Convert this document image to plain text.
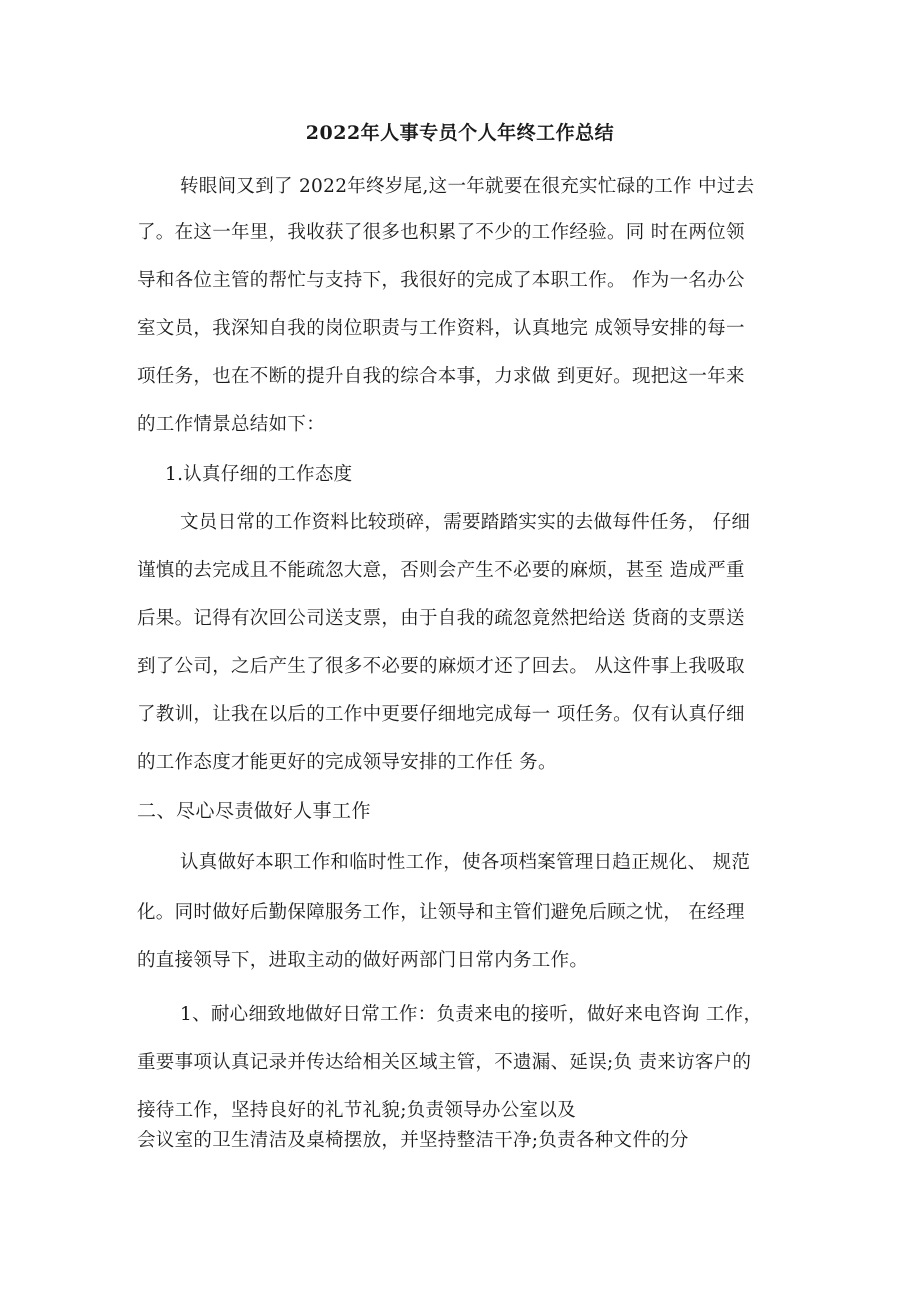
2022年人事专员个人年终工作总结
转眼间又到了 2022年终岁尾,这一年就要在很充实忙碌的工作 中过去
了。在这一年里，我收获了很多也积累了不少的工作经验。同 时在两位领
导和各位主管的帮忙与支持下，我很好的完成了本职工作。 作为一名办公
室文员，我深知自我的岗位职责与工作资料，认真地完 成领导安排的每一
项任务，也在不断的提升自我的综合本事，力求做 到更好。现把这一年来
的工作情景总结如下：
1.认真仔细的工作态度
文员日常的工作资料比较琐碎，需要踏踏实实的去做每件任务， 仔细
谨慎的去完成且不能疏忽大意，否则会产生不必要的麻烦，甚至 造成严重
后果。记得有次回公司送支票，由于自我的疏忽竟然把给送 货商的支票送
到了公司，之后产生了很多不必要的麻烦才还了回去。 从这件事上我吸取
了教训，让我在以后的工作中更要仔细地完成每一 项任务。仅有认真仔细
的工作态度才能更好的完成领导安排的工作任 务。
二、尽心尽责做好人事工作
认真做好本职工作和临时性工作，使各项档案管理日趋正规化、 规范
化。同时做好后勤保障服务工作，让领导和主管们避免后顾之忧， 在经理
的直接领导下，进取主动的做好两部门日常内务工作。
1、耐心细致地做好日常工作：负责来电的接听，做好来电咨询 工作，
重要事项认真记录并传达给相关区域主管，不遗漏、延误;负 责来访客户的
接待工作，坚持良好的礼节礼貌;负责领导办公室以及
会议室的卫生清洁及桌椅摆放，并坚持整洁干净;负责各种文件的分
